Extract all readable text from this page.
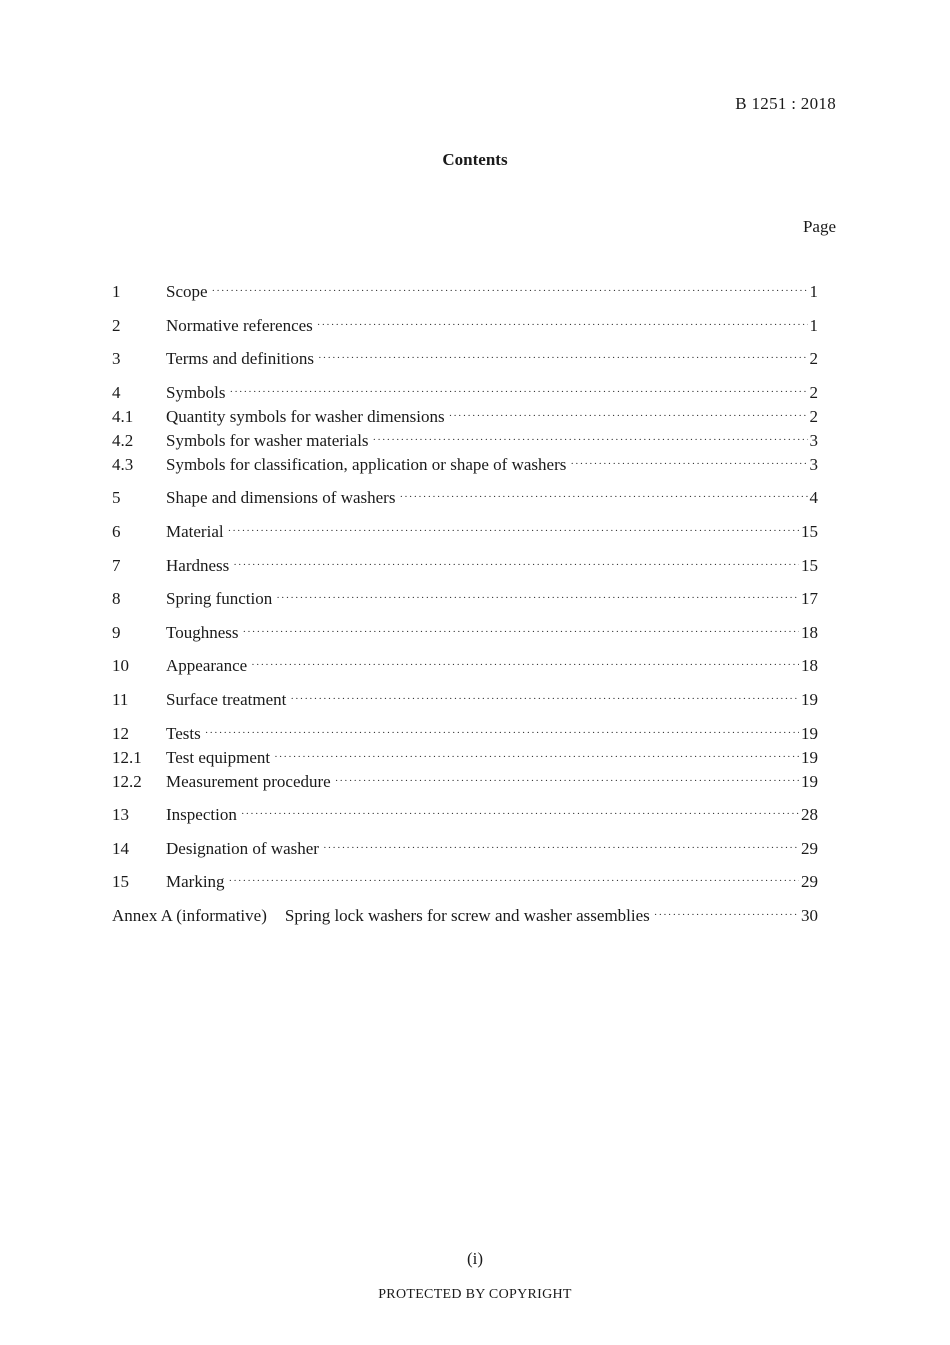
B 1251 : 2018
Contents
Page
1	Scope ·····	1
2	Normative references ·····	1
3	Terms and definitions ·····	2
4	Symbols ·····	2
4.1	Quantity symbols for washer dimensions ·····	2
4.2	Symbols for washer materials ·····	3
4.3	Symbols for classification, application or shape of washers ·····	3
5	Shape and dimensions of washers ·····	4
6	Material ·····	15
7	Hardness ·····	15
8	Spring function ·····	17
9	Toughness ·····	18
10	Appearance ·····	18
11	Surface treatment ·····	19
12	Tests ·····	19
12.1	Test equipment ·····	19
12.2	Measurement procedure ·····	19
13	Inspection ·····	28
14	Designation of washer ·····	29
15	Marking ·····	29
Annex A (informative)	Spring lock washers for screw and washer assemblies ·····	30
(i)
PROTECTED BY COPYRIGHT
